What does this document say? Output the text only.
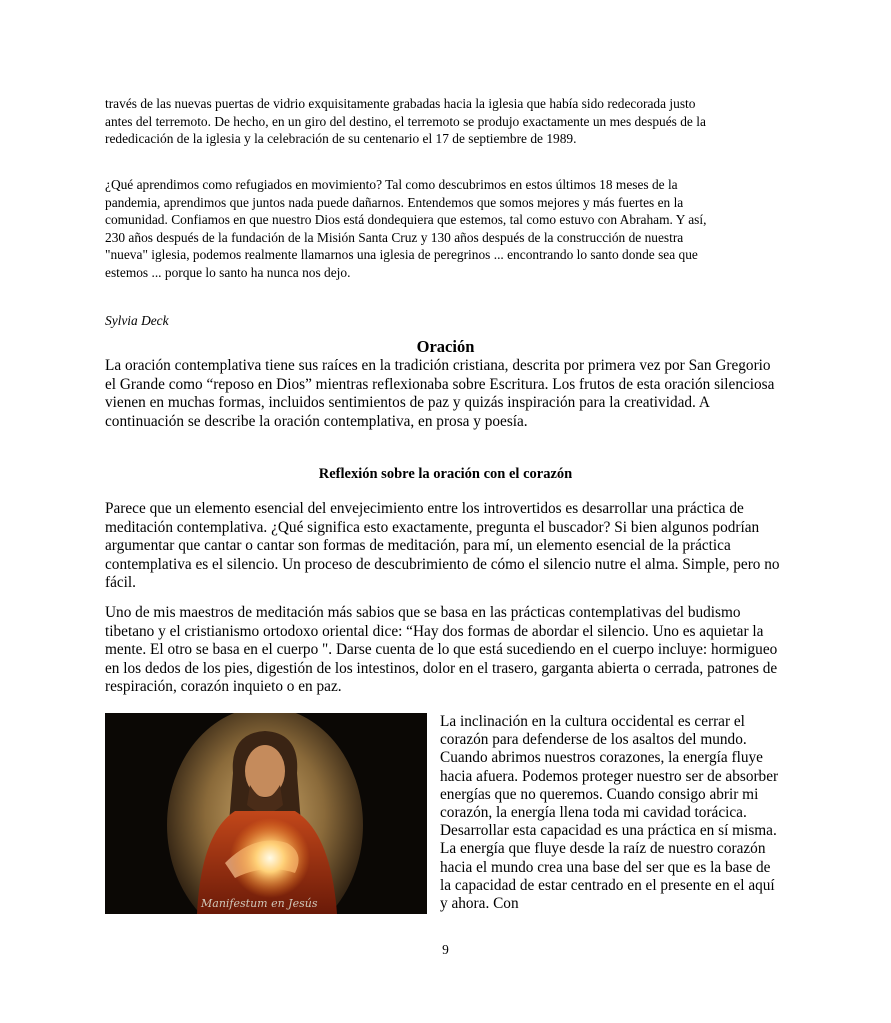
través de las nuevas puertas de vidrio exquisitamente grabadas hacia la iglesia que había sido redecorada justo antes del terremoto. De hecho, en un giro del destino, el terremoto se produjo exactamente un mes después de la rededicación de la iglesia y la celebración de su centenario el 17 de septiembre de 1989.

¿Qué aprendimos como refugiados en movimiento? Tal como descubrimos en estos últimos 18 meses de la pandemia, aprendimos que juntos nada puede dañarnos. Entendemos que somos mejores y más fuertes en la comunidad. Confiamos en que nuestro Dios está dondequiera que estemos, tal como estuvo con Abraham. Y así, 230 años después de la fundación de la Misión Santa Cruz y 130 años después de la construcción de nuestra "nueva" iglesia, podemos realmente llamarnos una iglesia de peregrinos ... encontrando lo santo donde sea que estemos ... porque lo santo ha nunca nos dejo.

Sylvia Deck

Oración

La oración contemplativa tiene sus raíces en la tradición cristiana, descrita por primera vez por San Gregorio el Grande como “reposo en Dios” mientras reflexionaba sobre Escritura. Los frutos de esta oración silenciosa vienen en muchas formas, incluidos sentimientos de paz y quizás inspiración para la creatividad. A continuación se describe la oración contemplativa, en prosa y poesía.

Reflexión sobre la oración con el corazón

Parece que un elemento esencial del envejecimiento entre los introvertidos es desarrollar una práctica de meditación contemplativa. ¿Qué significa esto exactamente, pregunta el buscador? Si bien algunos podrían argumentar que cantar o cantar son formas de meditación, para mí, un elemento esencial de la práctica contemplativa es el silencio. Un proceso de descubrimiento de cómo el silencio nutre el alma. Simple, pero no fácil.

Uno de mis maestros de meditación más sabios que se basa en las prácticas contemplativas del budismo tibetano y el cristianismo ortodoxo oriental dice: “Hay dos formas de abordar el silencio. Uno es aquietar la mente. El otro se basa en el cuerpo ". Darse cuenta de lo que está sucediendo en el cuerpo incluye: hormigueo en los dedos de los pies, digestión de los intestinos, dolor en el trasero, garganta abierta o cerrada, patrones de respiración, corazón inquieto o en paz.

Manifestum en Jesús

La inclinación en la cultura occidental es cerrar el corazón para defenderse de los asaltos del mundo. Cuando abrimos nuestros corazones, la energía fluye hacia afuera. Podemos proteger nuestro ser de absorber energías que no queremos. Cuando consigo abrir mi corazón, la energía llena toda mi cavidad torácica. Desarrollar esta capacidad es una práctica en sí misma. La energía que fluye desde la raíz de nuestro corazón hacia el mundo crea una base del ser que es la base de la capacidad de estar centrado en el presente en el aquí y ahora. Con

9
